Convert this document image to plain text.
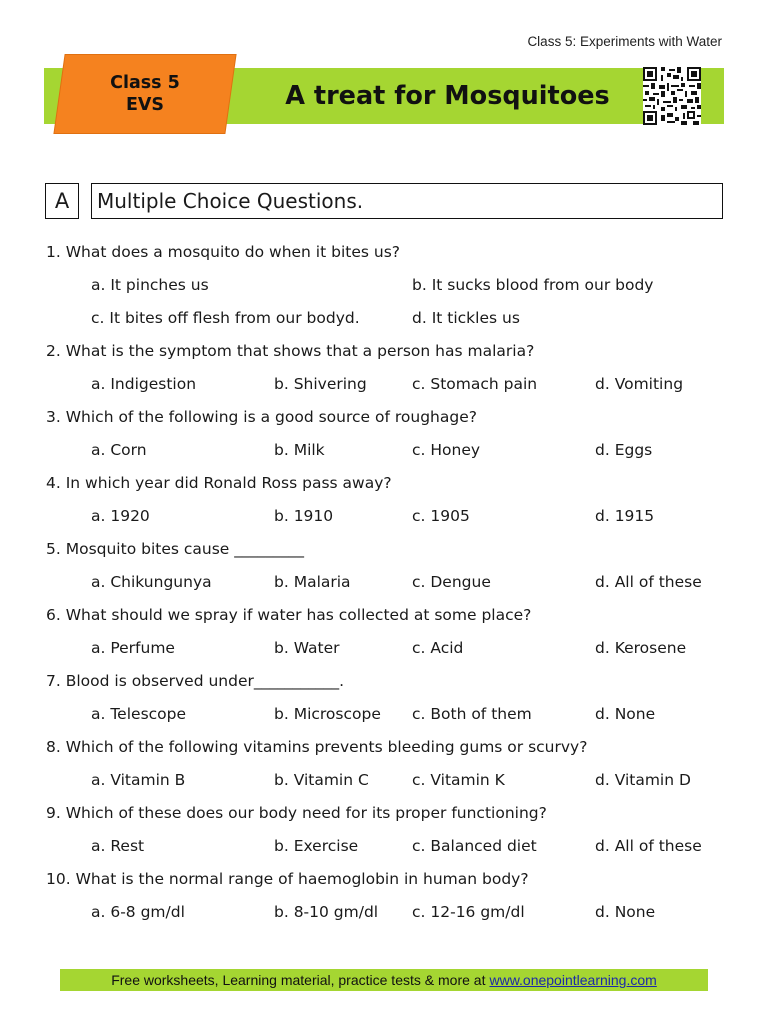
Class 5: Experiments with Water
Class 5
EVS	A treat for Mosquitoes
A	Multiple Choice Questions.
1. What does a mosquito do when it bites us?
a. It pinches us	b. It sucks blood from our body
c. It bites off flesh from our bodyd.	d. It tickles us
2. What is the symptom that shows that a person has malaria?
a. Indigestion	b. Shivering	c. Stomach pain	d. Vomiting
3. Which of the following is a good source of roughage?
a. Corn	b. Milk	c. Honey	d. Eggs
4. In which year did Ronald Ross pass away?
a. 1920	b. 1910	c. 1905	d. 1915
5. Mosquito bites cause _________
a. Chikungunya	b. Malaria	c. Dengue	d. All of these
6. What should we spray if water has collected at some place?
a. Perfume	b. Water	c. Acid	d. Kerosene
7. Blood is observed under___________.
a. Telescope	b. Microscope c. Both of them	d. None
8. Which of the following vitamins prevents bleeding gums or scurvy?
a. Vitamin B	b. Vitamin C	c. Vitamin K	d. Vitamin D
9. Which of these does our body need for its proper functioning?
a. Rest	b. Exercise	c. Balanced diet	d. All of these
10. What is the normal range of haemoglobin in human body?
a. 6-8 gm/dl	b. 8-10 gm/dl c. 12-16 gm/dl	d. None
Free worksheets, Learning material, practice tests & more at www.onepointlearning.com
